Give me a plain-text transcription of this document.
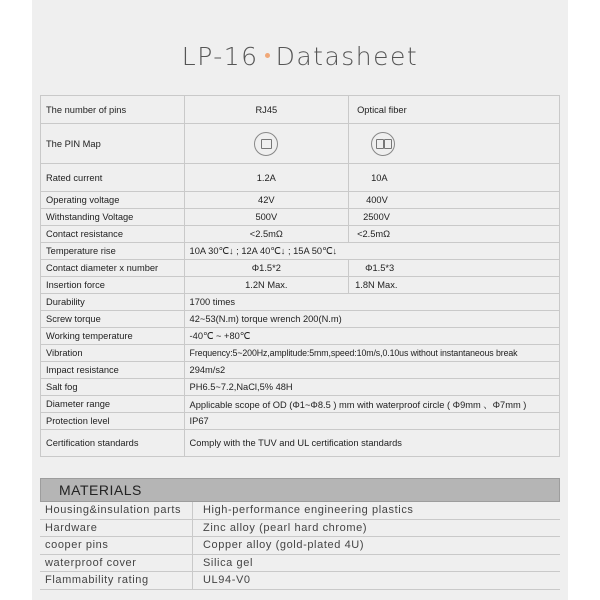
LP-16 Datasheet
The number of pins	RJ45	Optical fiber
The PIN Map	

Rated current	1.2A	10A
Operating voltage	42V	400V
Withstanding Voltage	500V	2500V
Contact resistance	<2.5mΩ	<2.5mΩ
Temperature rise	10A 30℃↓ ; 12A 40℃↓ ; 15A 50℃↓	
Contact diameter x number	Φ1.5*2	Φ1.5*3
Insertion force	1.2N Max.	1.8N Max.
Durability	1700 times	
Screw torque	42~53(N.m) torque wrench 200(N.m)	
Working temperature	-40℃ ~ +80℃	
Vibration	Frequency:5~200Hz,amplitude:5mm,speed:10m/s,0.10us without instantaneous break	
Impact resistance	294m/s2	
Salt fog	PH6.5~7.2,NaCl,5% 48H	
Diameter range	Applicable scope of OD (Φ1~Φ8.5 ) mm with waterproof circle ( Φ9mm 、Φ7mm )	
Protection level	IP67	
Certification standards	Comply with the TUV and UL certification standards	
MATERIALS
Housing&insulation parts	High-performance engineering plastics
Hardware	Zinc alloy (pearl hard chrome)
cooper pins	Copper alloy (gold-plated 4U)
waterproof cover	Silica gel
Flammability rating	UL94-V0
